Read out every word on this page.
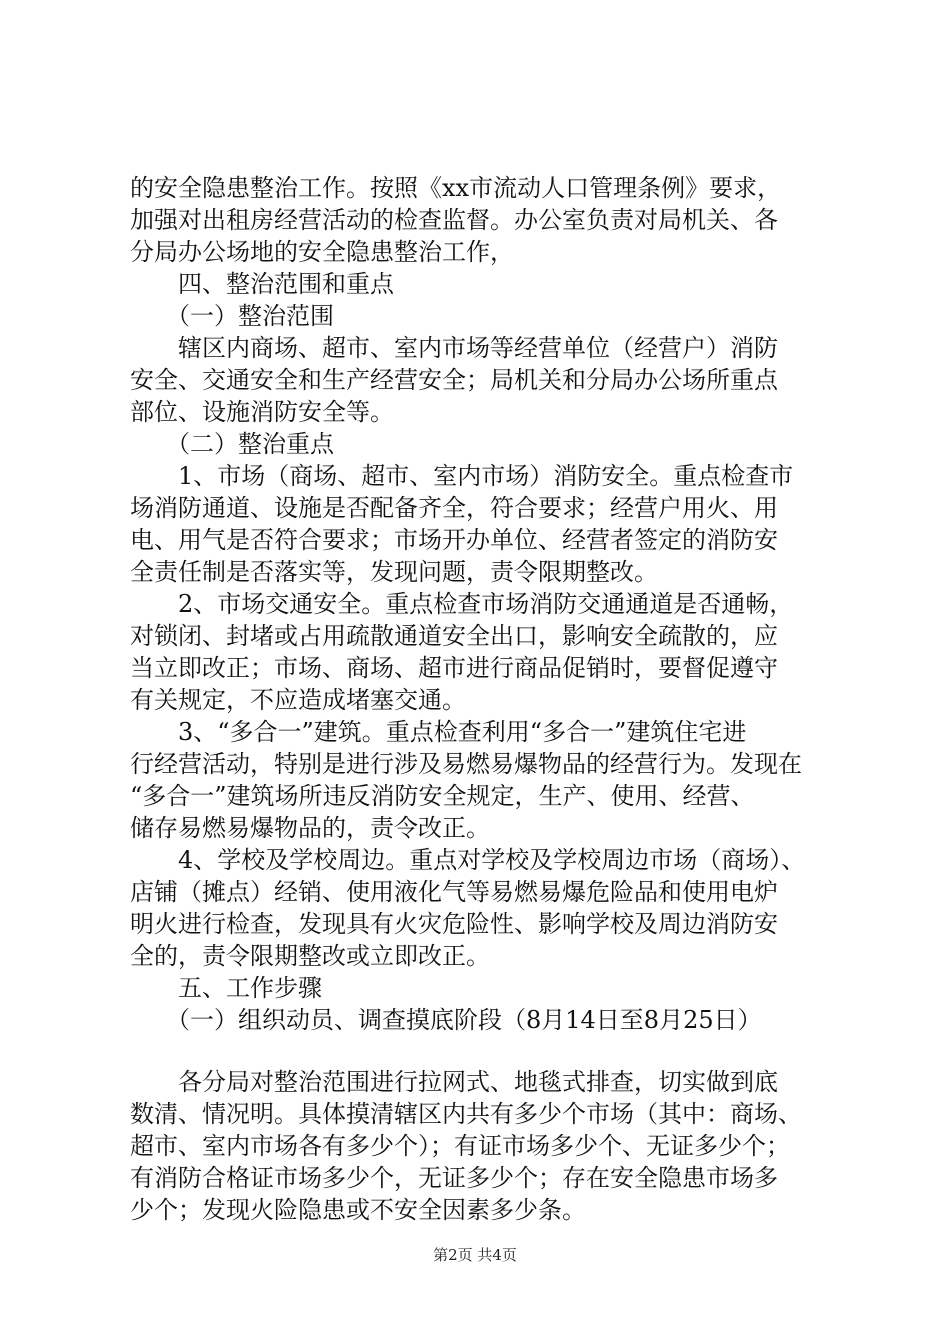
的安全隐患整治工作。按照《xx市流动人口管理条例》要求，
加强对出租房经营活动的检查监督。办公室负责对局机关、各
分局办公场地的安全隐患整治工作，
　　四、整治范围和重点
　　（一）整治范围
　　辖区内商场、超市、室内市场等经营单位（经营户）消防
安全、交通安全和生产经营安全；局机关和分局办公场所重点
部位、设施消防安全等。
　　（二）整治重点
　　1、市场（商场、超市、室内市场）消防安全。重点检查市
场消防通道、设施是否配备齐全，符合要求；经营户用火、用
电、用气是否符合要求；市场开办单位、经营者签定的消防安
全责任制是否落实等，发现问题，责令限期整改。
　　2、市场交通安全。重点检查市场消防交通通道是否通畅，
对锁闭、封堵或占用疏散通道安全出口，影响安全疏散的，应
当立即改正；市场、商场、超市进行商品促销时，要督促遵守
有关规定，不应造成堵塞交通。
　　3、“多合一”建筑。重点检查利用“多合一”建筑住宅进
行经营活动，特别是进行涉及易燃易爆物品的经营行为。发现在
“多合一”建筑场所违反消防安全规定，生产、使用、经营、
储存易燃易爆物品的，责令改正。
　　4、学校及学校周边。重点对学校及学校周边市场（商场）、
店铺（摊点）经销、使用液化气等易燃易爆危险品和使用电炉
明火进行检查，发现具有火灾危险性、影响学校及周边消防安
全的，责令限期整改或立即改正。
　　五、工作步骤
　　（一）组织动员、调查摸底阶段（8月14日至8月25日）
　　各分局对整治范围进行拉网式、地毯式排查，切实做到底
数清、情况明。具体摸清辖区内共有多少个市场（其中：商场、
超市、室内市场各有多少个）；有证市场多少个、无证多少个；
有消防合格证市场多少个，无证多少个；存在安全隐患市场多
少个；发现火险隐患或不安全因素多少条。
第2页 共4页
